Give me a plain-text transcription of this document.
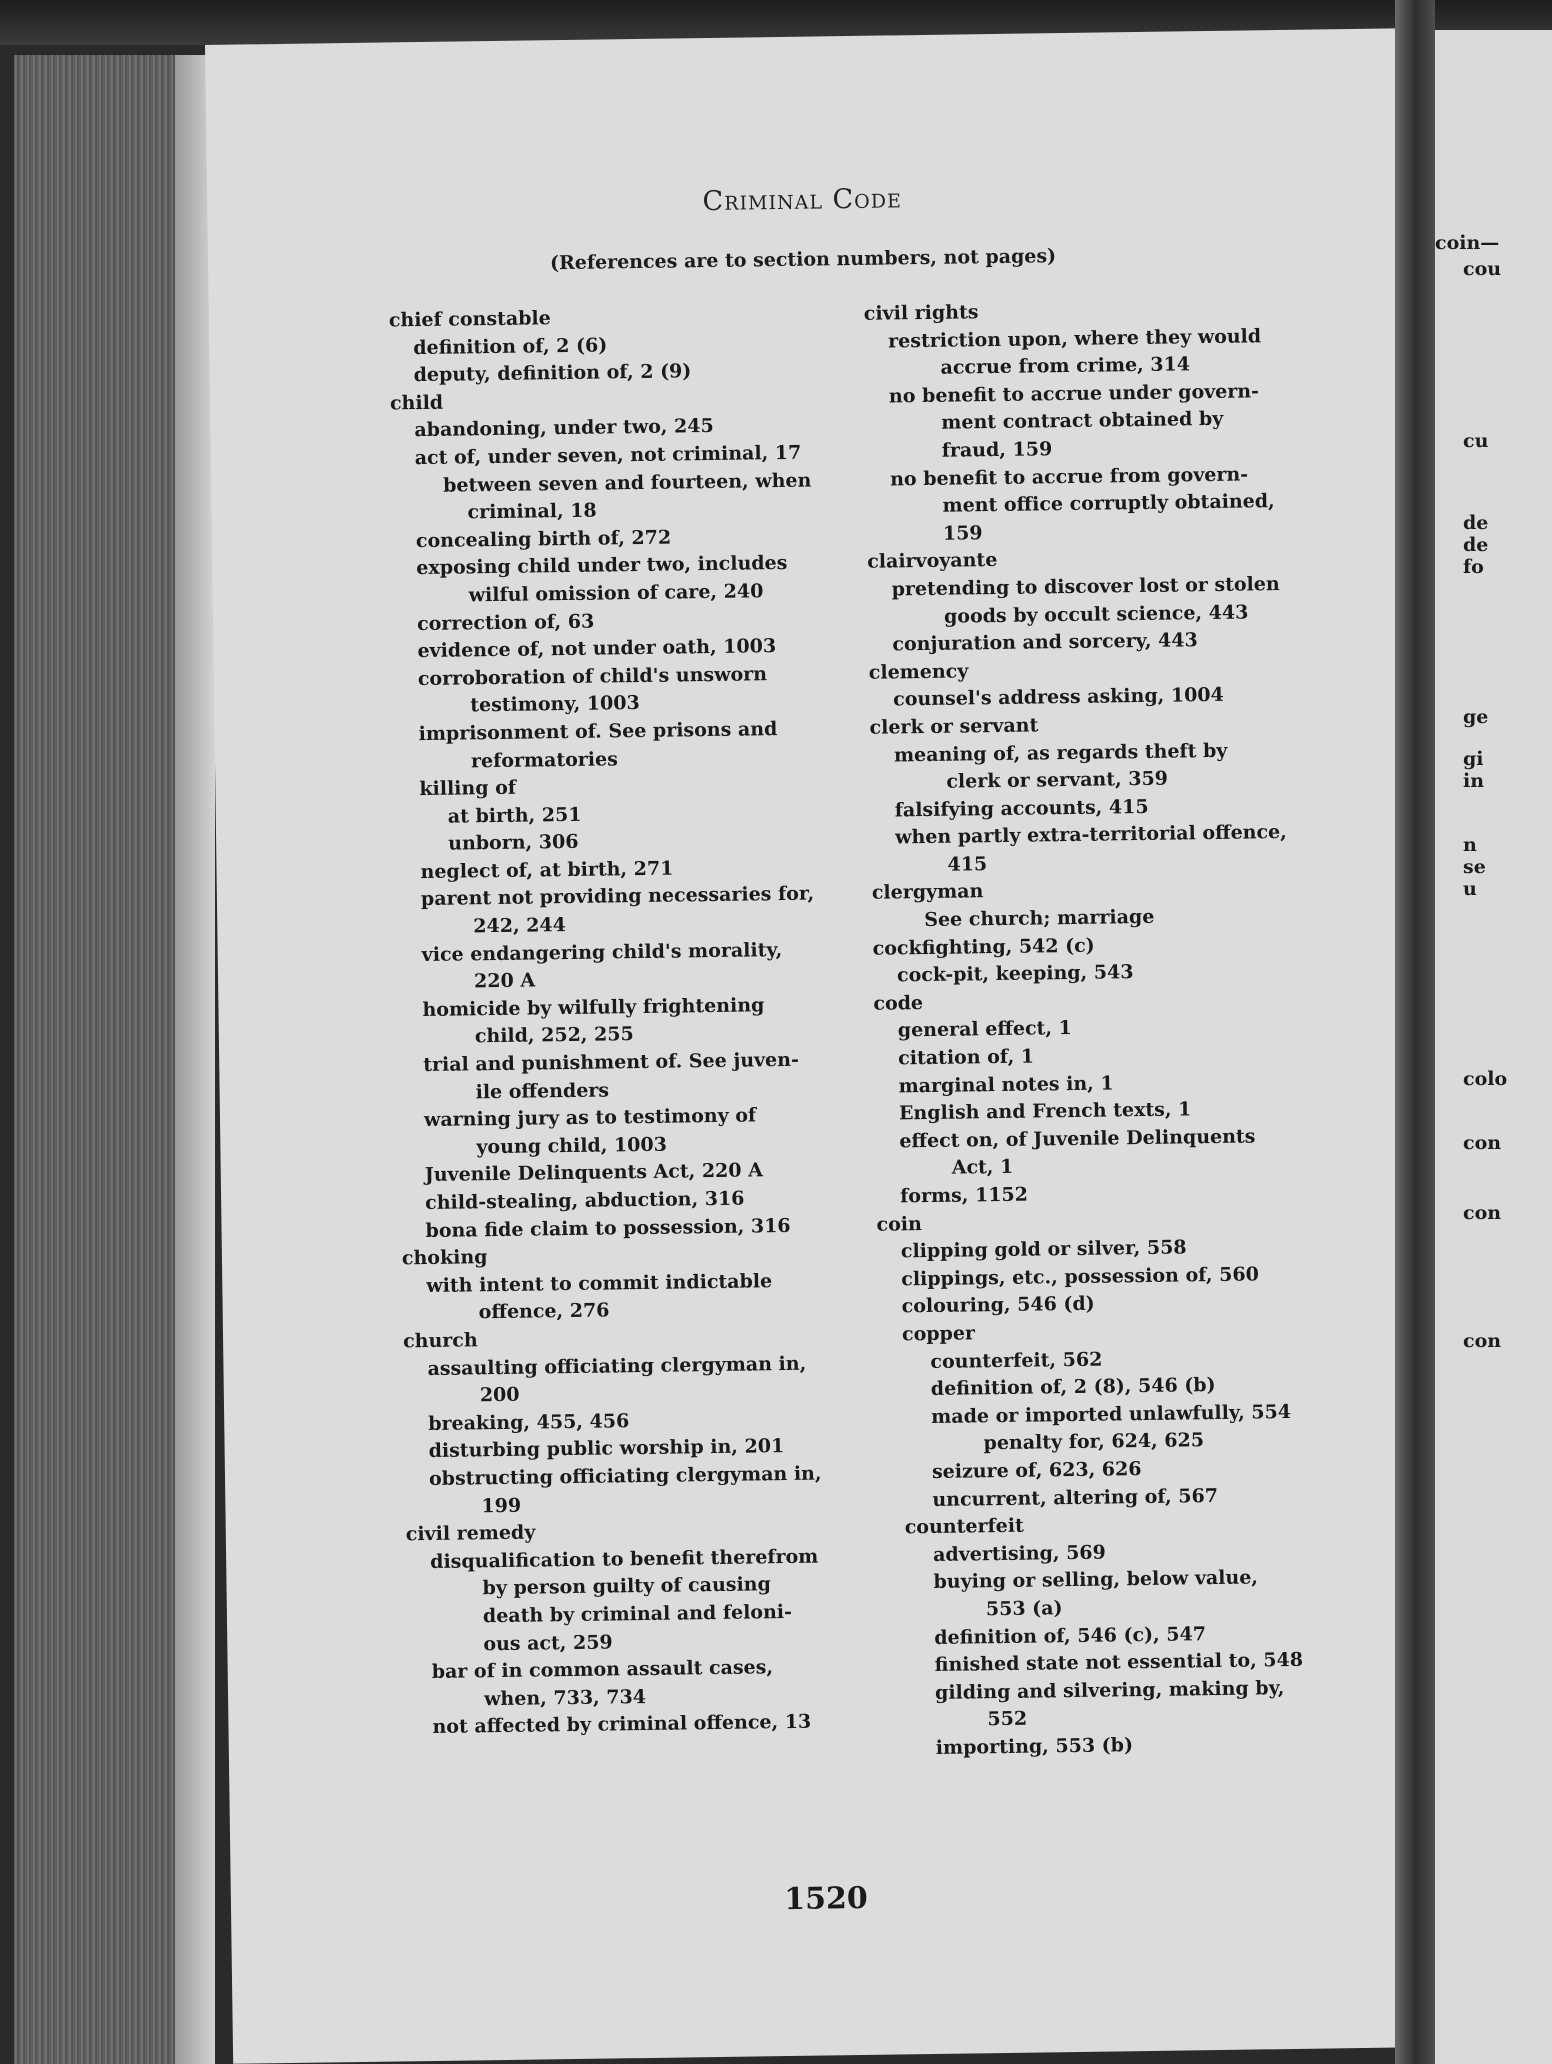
Criminal Code
(References are to section numbers, not pages)
chief constable
definition of, 2 (6)
deputy, definition of, 2 (9)
child
abandoning, under two, 245
act of, under seven, not criminal, 17
between seven and fourteen, when
criminal, 18
concealing birth of, 272
exposing child under two, includes
wilful omission of care, 240
correction of, 63
evidence of, not under oath, 1003
corroboration of child's unsworn
testimony, 1003
imprisonment of. See prisons and
reformatories
killing of
at birth, 251
unborn, 306
neglect of, at birth, 271
parent not providing necessaries for,
242, 244
vice endangering child's morality,
220 A
homicide by wilfully frightening
child, 252, 255
trial and punishment of. See juven-
ile offenders
warning jury as to testimony of
young child, 1003
Juvenile Delinquents Act, 220 A
child-stealing, abduction, 316
bona fide claim to possession, 316
choking
with intent to commit indictable
offence, 276
church
assaulting officiating clergyman in,
200
breaking, 455, 456
disturbing public worship in, 201
obstructing officiating clergyman in,
199
civil remedy
disqualification to benefit therefrom
by person guilty of causing
death by criminal and feloni-
ous act, 259
bar of in common assault cases,
when, 733, 734
not affected by criminal offence, 13
civil rights
restriction upon, where they would
accrue from crime, 314
no benefit to accrue under govern-
ment contract obtained by
fraud, 159
no benefit to accrue from govern-
ment office corruptly obtained,
159
clairvoyante
pretending to discover lost or stolen
goods by occult science, 443
conjuration and sorcery, 443
clemency
counsel's address asking, 1004
clerk or servant
meaning of, as regards theft by
clerk or servant, 359
falsifying accounts, 415
when partly extra-territorial offence,
415
clergyman
See church; marriage
cockfighting, 542 (c)
cock-pit, keeping, 543
code
general effect, 1
citation of, 1
marginal notes in, 1
English and French texts, 1
effect on, of Juvenile Delinquents
Act, 1
forms, 1152
coin
clipping gold or silver, 558
clippings, etc., possession of, 560
colouring, 546 (d)
copper
counterfeit, 562
definition of, 2 (8), 546 (b)
made or imported unlawfully, 554
penalty for, 624, 625
seizure of, 623, 626
uncurrent, altering of, 567
counterfeit
advertising, 569
buying or selling, below value,
553 (a)
definition of, 546 (c), 547
finished state not essential to, 548
gilding and silvering, making by,
552
importing, 553 (b)
1520
coin—
cou
cu
de
de
fo
ge
gi
in
n
se
u
colo
con
con
con
